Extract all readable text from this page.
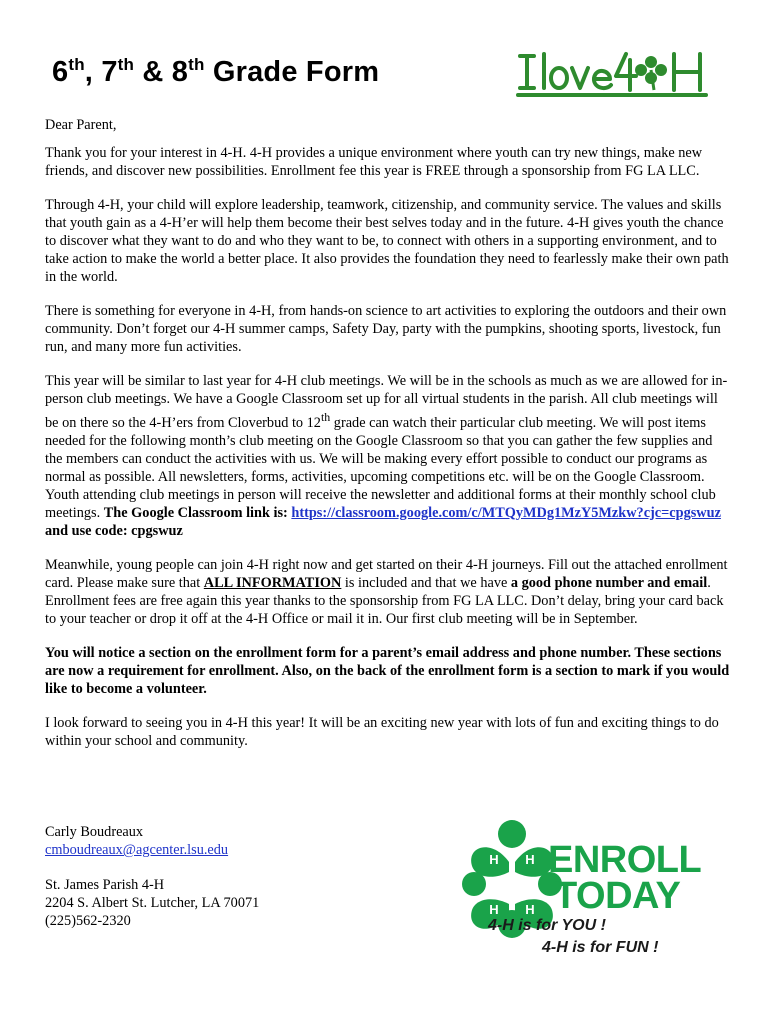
6th, 7th & 8th Grade Form

Dear Parent,

Thank you for your interest in 4-H. 4-H provides a unique environment where youth can try new things, make new friends, and discover new possibilities. Enrollment fee this year is FREE through a sponsorship from FG LA LLC.

Through 4-H, your child will explore leadership, teamwork, citizenship, and community service. The values and skills that youth gain as a 4-H’er will help them become their best selves today and in the future. 4-H gives youth the chance to discover what they want to do and who they want to be, to connect with others in a supporting environment, and to take action to make the world a better place. It also provides the foundation they need to fearlessly make their own path in the world.

There is something for everyone in 4-H, from hands-on science to art activities to exploring the outdoors and their own community. Don’t forget our 4-H summer camps, Safety Day, party with the pumpkins, shooting sports, livestock, fun run, and many more fun activities.

This year will be similar to last year for 4-H club meetings. We will be in the schools as much as we are allowed for in-person club meetings. We have a Google Classroom set up for all virtual students in the parish. All club meetings will be on there so the 4-H’ers from Cloverbud to 12th grade can watch their particular club meeting. We will post items needed for the following month’s club meeting on the Google Classroom so that you can gather the few supplies and the members can conduct the activities with us. We will be making every effort possible to conduct our programs as normal as possible. All newsletters, forms, activities, upcoming competitions etc. will be on the Google Classroom. Youth attending club meetings in person will receive the newsletter and additional forms at their monthly school club meetings. The Google Classroom link is: https://classroom.google.com/c/MTQyMDg1MzY5Mzkw?cjc=cpgswuz and use code: cpgswuz

Meanwhile, young people can join 4-H right now and get started on their 4-H journeys. Fill out the attached enrollment card. Please make sure that ALL INFORMATION is included and that we have a good phone number and email. Enrollment fees are free again this year thanks to the sponsorship from FG LA LLC. Don’t delay, bring your card back to your teacher or drop it off at the 4-H Office or mail it in. Our first club meeting will be in September.

You will notice a section on the enrollment form for a parent’s email address and phone number. These sections are now a requirement for enrollment. Also, on the back of the enrollment form is a section to mark if you would like to become a volunteer.

I look forward to seeing you in 4-H this year! It will be an exciting new year with lots of fun and exciting things to do within your school and community.

Carly Boudreaux
cmboudreaux@agcenter.lsu.edu
St. James Parish 4-H
2204 S. Albert St. Lutcher, LA 70071
(225)562-2320
H H
H H
ENROLL
TODAY
4-H is for YOU !
4-H is for FUN !
